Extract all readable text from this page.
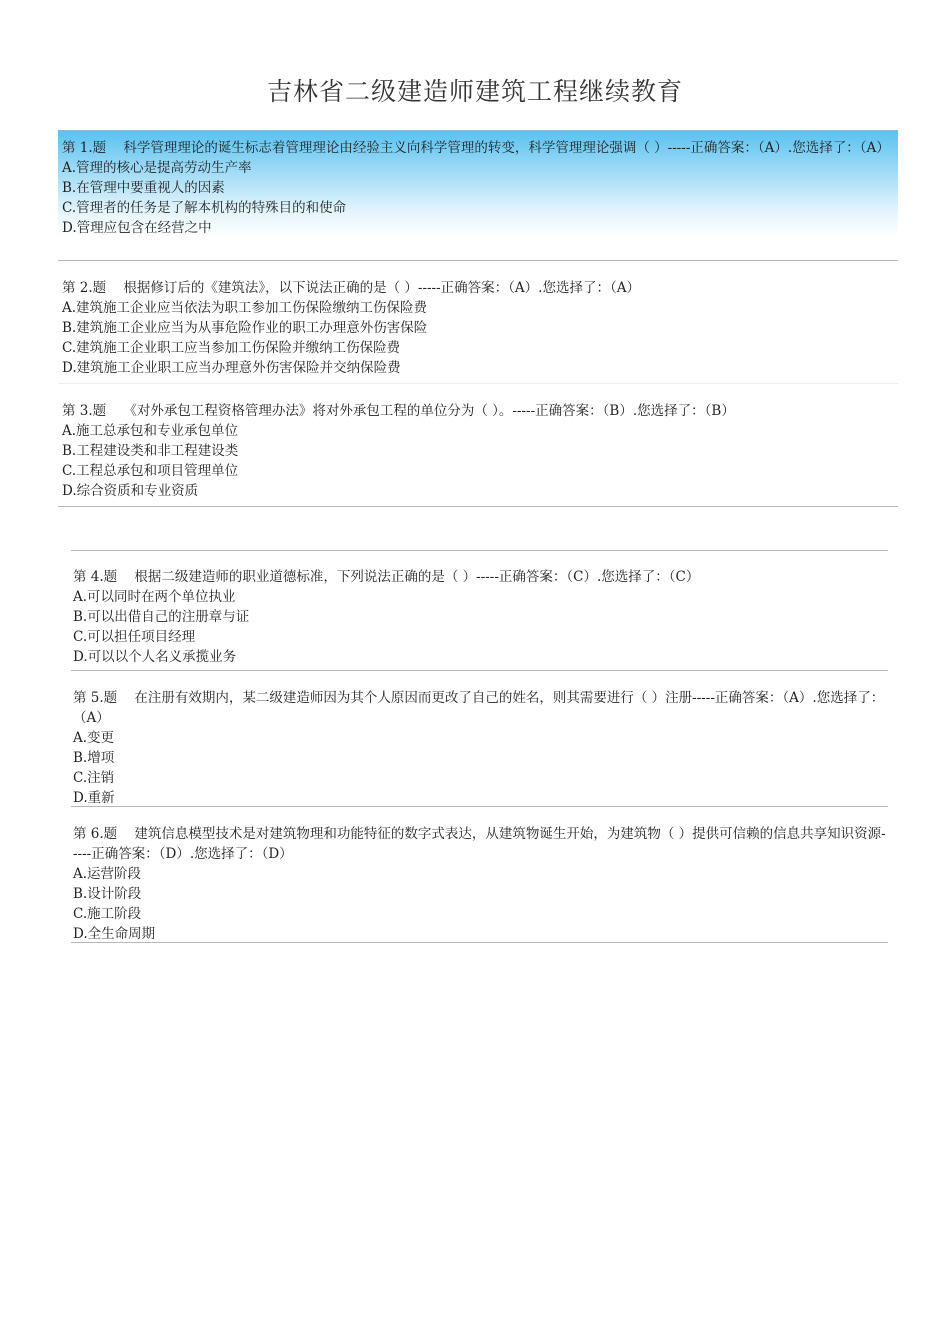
吉林省二级建造师建筑工程继续教育
第 1.题    科学管理理论的诞生标志着管理理论由经验主义向科学管理的转变，科学管理理论强调（ ）-----正确答案：（A）.您选择了：（A）
A.管理的核心是提高劳动生产率
B.在管理中要重视人的因素
C.管理者的任务是了解本机构的特殊目的和使命
D.管理应包含在经营之中
第 2.题    根据修订后的《建筑法》，以下说法正确的是（ ）-----正确答案：（A）.您选择了：（A）
A.建筑施工企业应当依法为职工参加工伤保险缴纳工伤保险费
B.建筑施工企业应当为从事危险作业的职工办理意外伤害保险
C.建筑施工企业职工应当参加工伤保险并缴纳工伤保险费
D.建筑施工企业职工应当办理意外伤害保险并交纳保险费
第 3.题    《对外承包工程资格管理办法》将对外承包工程的单位分为（ ）。-----正确答案：（B）.您选择了：（B）
A.施工总承包和专业承包单位
B.工程建设类和非工程建设类
C.工程总承包和项目管理单位
D.综合资质和专业资质
第 4.题    根据二级建造师的职业道德标准，下列说法正确的是（ ）-----正确答案：（C）.您选择了：（C）
A.可以同时在两个单位执业
B.可以出借自己的注册章与证
C.可以担任项目经理
D.可以以个人名义承揽业务
第 5.题    在注册有效期内，某二级建造师因为其个人原因而更改了自己的姓名，则其需要进行（ ）注册-----正确答案：（A）.您选择了：（A）
A.变更
B.增项
C.注销
D.重新
第 6.题    建筑信息模型技术是对建筑物理和功能特征的数字式表达，从建筑物诞生开始，为建筑物（ ）提供可信赖的信息共享知识资源-----正确答案：（D）.您选择了：（D）
A.运营阶段
B.设计阶段
C.施工阶段
D.全生命周期
